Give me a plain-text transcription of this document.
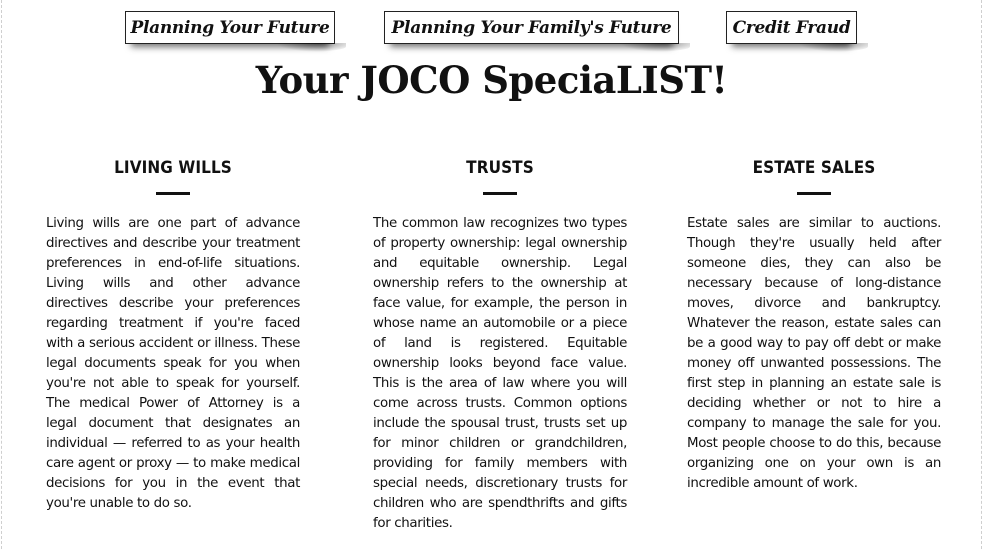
Planning Your Future	Planning Your Family's Future	Credit Fraud
Your JOCO SpeciaLIST!
LIVING WILLS

Living wills are one part of advance directives and describe your treatment preferences in end-of-life situations. Living wills and other advance directives describe your preferences regarding treatment if you're faced with a serious accident or illness. These legal documents speak for you when you're not able to speak for yourself. The medical Power of Attorney is a legal document that designates an individual — referred to as your health care agent or proxy — to make medical decisions for you in the event that you're unable to do so.

TRUSTS

The common law recognizes two types of property ownership: legal ownership and equitable ownership. Legal ownership refers to the ownership at face value, for example, the person in whose name an automobile or a piece of land is registered. Equitable ownership looks beyond face value. This is the area of law where you will come across trusts. Common options include the spousal trust, trusts set up for minor children or grandchildren, providing for family members with special needs, discretionary trusts for children who are spendthrifts and gifts for charities.

ESTATE SALES

Estate sales are similar to auctions. Though they're usually held after someone dies, they can also be necessary because of long-distance moves, divorce and bankruptcy. Whatever the reason, estate sales can be a good way to pay off debt or make money off unwanted possessions. The first step in planning an estate sale is deciding whether or not to hire a company to manage the sale for you. Most people choose to do this, because organizing one on your own is an incredible amount of work.
